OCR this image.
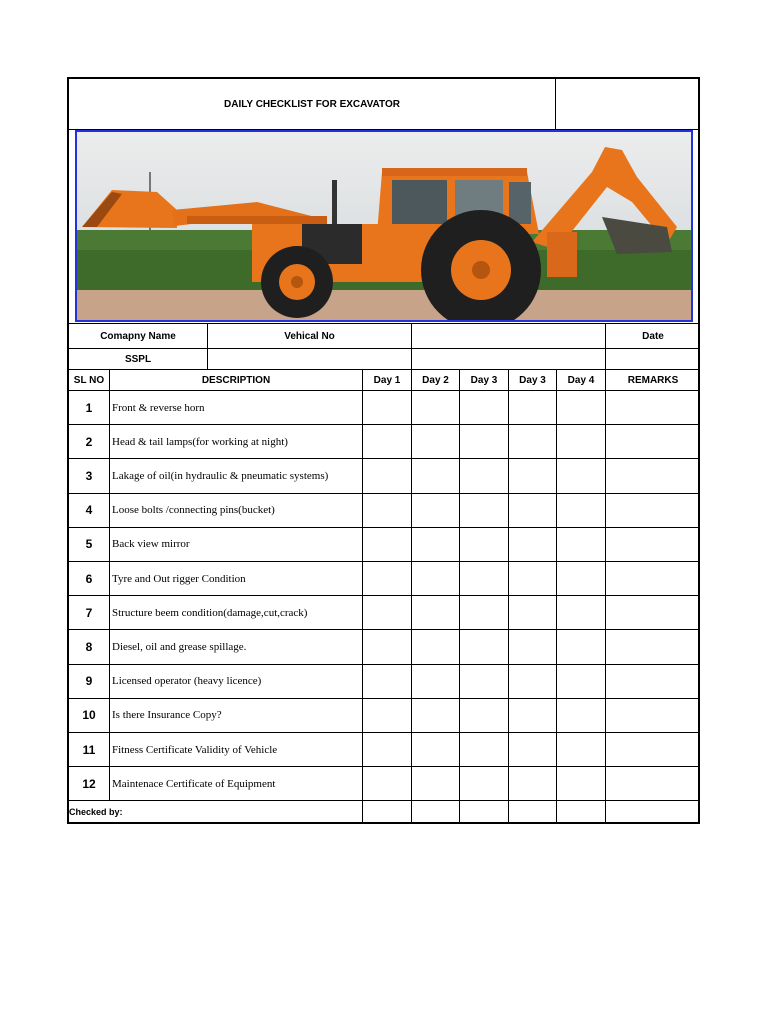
DAILY CHECKLIST FOR EXCAVATOR
Comapny Name	Vehical No	Date
SSPL
SL NO	DESCRIPTION	Day 1	Day 2	Day 3	Day 3	Day 4	REMARKS
1	Front & reverse horn
2	Head & tail lamps(for working at night)
3	Lakage of oil(in hydraulic & pneumatic systems)
4	Loose bolts /connecting pins(bucket)
5	Back view mirror
6	Tyre and Out rigger Condition
7	Structure beem condition(damage,cut,crack)
8	Diesel, oil and grease spillage.
9	Licensed operator (heavy licence)
10	Is there Insurance Copy?
11	Fitness Certificate Validity of Vehicle
12	Maintenace Certificate of Equipment
Checked by:
